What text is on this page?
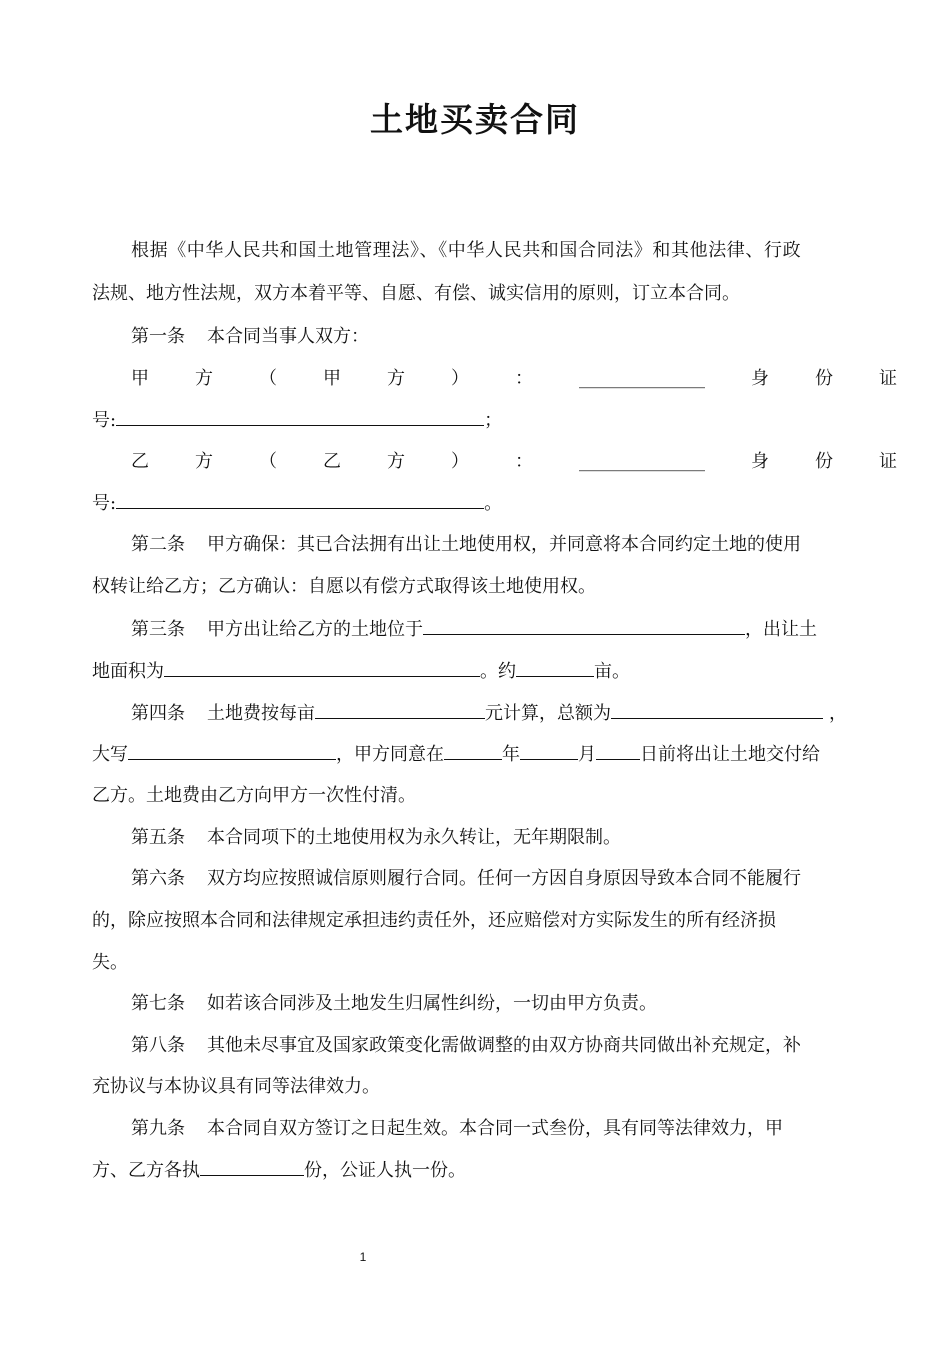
土地买卖合同
根据《中华人民共和国土地管理法》、《中华人民共和国合同法》和其他法律、行政
法规、地方性法规，双方本着平等、自愿、有偿、诚实信用的原则，订立本合同。
第一条 本合同当事人双方：
甲	方	（	甲	方	）	：	______________	身	份	证
号:	；
乙	方	（	乙	方	）	：	______________	身	份	证
号:	。
第二条 甲方确保：其已合法拥有出让土地使用权，并同意将本合同约定土地的使用
权转让给乙方；乙方确认：自愿以有偿方式取得该土地使用权。
第三条 甲方出让给乙方的土地位于	，出让土
地面积为	。约	亩。
第四条 土地费按每亩	元计算，总额为	，
大写	，甲方同意在	年	月 日前将出让土地交付给
乙方。土地费由乙方向甲方一次性付清。
第五条 本合同项下的土地使用权为永久转让，无年期限制。
第六条 双方均应按照诚信原则履行合同。任何一方因自身原因导致本合同不能履行
的，除应按照本合同和法律规定承担违约责任外，还应赔偿对方实际发生的所有经济损
失。
第七条 如若该合同涉及土地发生归属性纠纷，一切由甲方负责。
第八条 其他未尽事宜及国家政策变化需做调整的由双方协商共同做出补充规定，补
充协议与本协议具有同等法律效力。
第九条 本合同自双方签订之日起生效。本合同一式叁份，具有同等法律效力，甲
方、乙方各执	份，公证人执一份。
1
